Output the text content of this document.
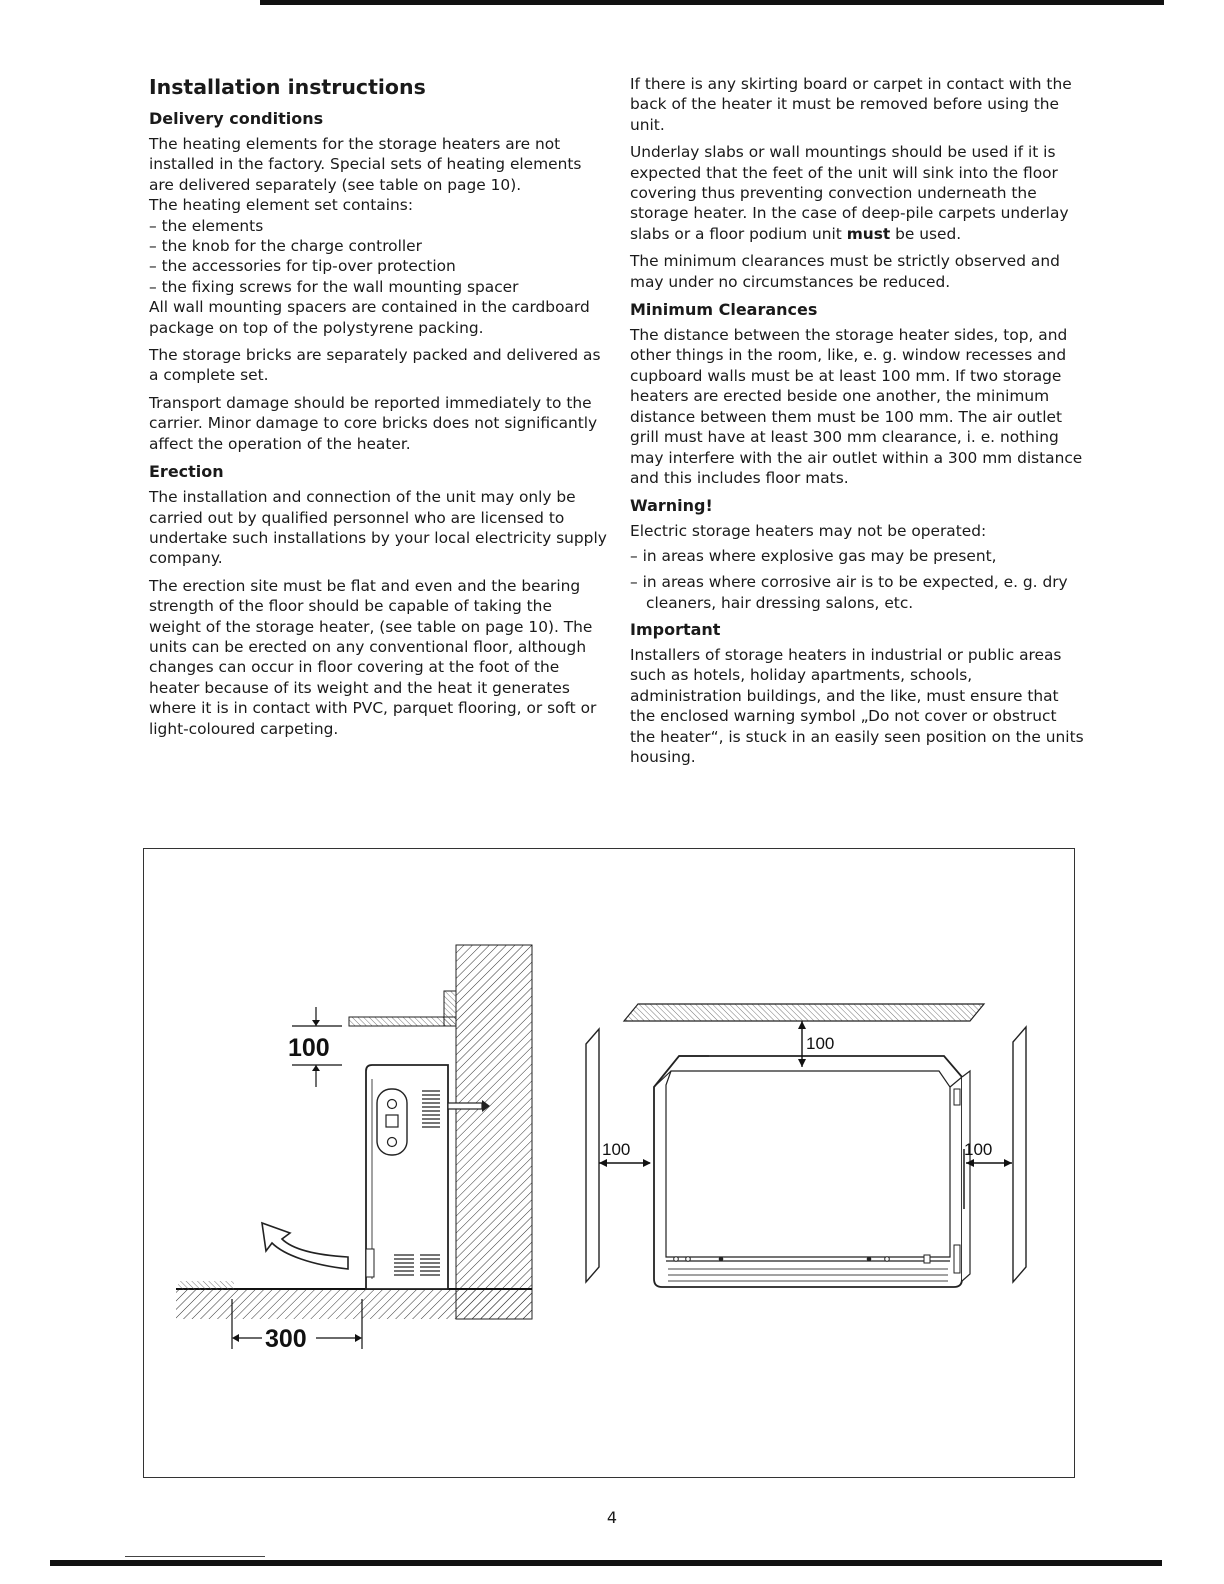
Installation instructions
Delivery conditions

The heating elements for the storage heaters are not installed in the factory. Special sets of heating elements are delivered separately (see table on page 10).

The heating element set contains:

– the elements
– the knob for the charge controller
– the accessories for tip-over protection
– the fixing screws for the wall mounting spacer

All wall mounting spacers are contained in the cardboard package on top of the polystyrene packing.

The storage bricks are separately packed and delivered as a complete set.

Transport damage should be reported immediately to the carrier. Minor damage to core bricks does not significantly affect the operation of the heater.

Erection

The installation and connection of the unit may only be carried out by qualified personnel who are licensed to undertake such installations by your local electricity supply company.

The erection site must be flat and even and the bearing strength of the floor should be capable of taking the weight of the storage heater, (see table on page 10). The units can be erected on any conventional floor, although changes can occur in floor covering at the foot of the heater because of its weight and the heat it generates where it is in contact with PVC, parquet flooring, or soft or light-coloured carpeting.

If there is any skirting board or carpet in contact with the back of the heater it must be removed before using the unit.

Underlay slabs or wall mountings should be used if it is expected that the feet of the unit will sink into the floor covering thus preventing convection underneath the storage heater. In the case of deep-pile carpets underlay slabs or a floor podium unit must be used.

The minimum clearances must be strictly observed and may under no circumstances be reduced.

Minimum Clearances

The distance between the storage heater sides, top, and other things in the room, like, e. g. window recesses and cupboard walls must be at least 100 mm. If two storage heaters are erected beside one another, the minimum distance between them must be 100 mm. The air outlet grill must have at least 300 mm clearance, i. e. nothing may interfere with the air outlet within a 300 mm distance and this includes floor mats.

Warning!

Electric storage heaters may not be operated:

– in areas where explosive gas may be present,
– in areas where corrosive air is to be expected, e. g. dry cleaners, hair dressing salons, etc.
Important

Installers of storage heaters in industrial or public areas such as hotels, holiday apartments, schools, administration buildings, and the like, must ensure that the enclosed warning symbol „Do not cover or obstruct the heater“, is stuck in an easily seen position on the units housing.

100
300
100
100	100
4
